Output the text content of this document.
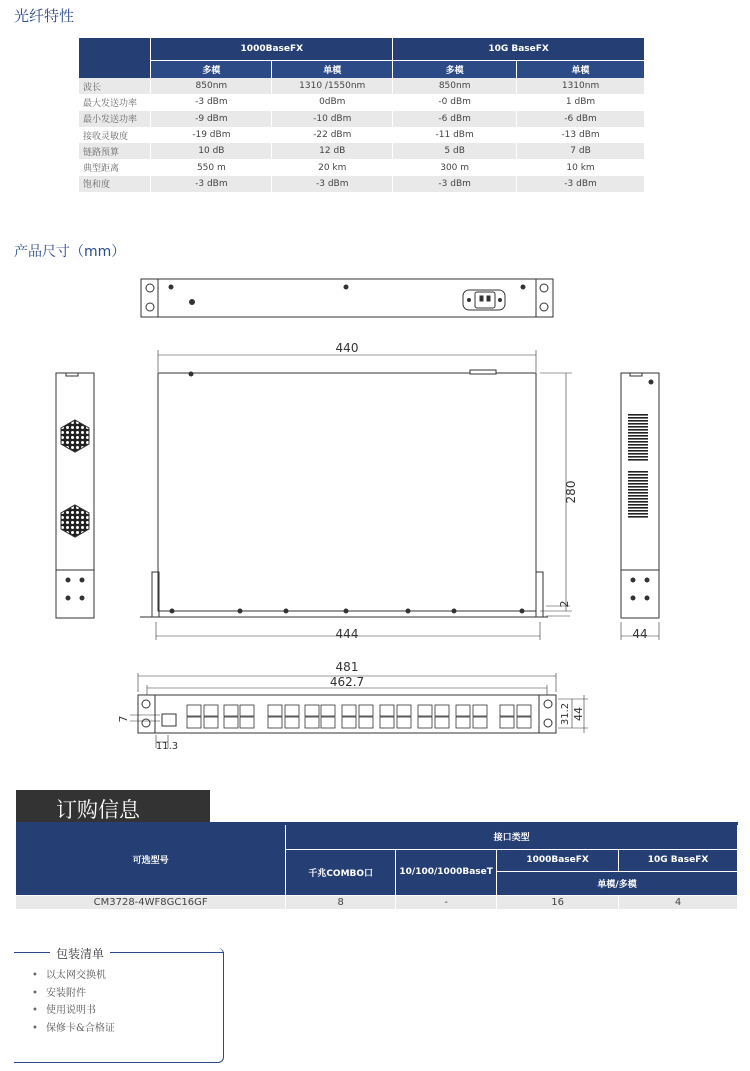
光纤特性
	1000BaseFX		10G BaseFX	
	多模	单模	多模	单模
波长	850nm	1310 /1550nm	850nm	1310nm
最大发送功率	-3 dBm	0dBm	-0 dBm	1 dBm
最小发送功率	-9 dBm	-10 dBm	-6 dBm	-6 dBm
接收灵敏度	-19 dBm	-22 dBm	-11 dBm	-13 dBm
链路预算	10 dB	12 dB	5 dB	7 dB
典型距离	550 m	20 km	300 m	10 km
饱和度	-3 dBm	-3 dBm	-3 dBm	-3 dBm
产品尺寸（mm）
440
280
2
444	44
481
462.7
7
11.3
31.2 44
订购信息
可选型号	接口类型			
	千兆COMBO口	10/100/1000BaseT	1000BaseFX	10G BaseFX
			单模/多模	
CM3728-4WF8GC16GF	8	-	16	4
包装清单
• 以太网交换机
• 安装附件
• 使用说明书
• 保修卡&合格证
